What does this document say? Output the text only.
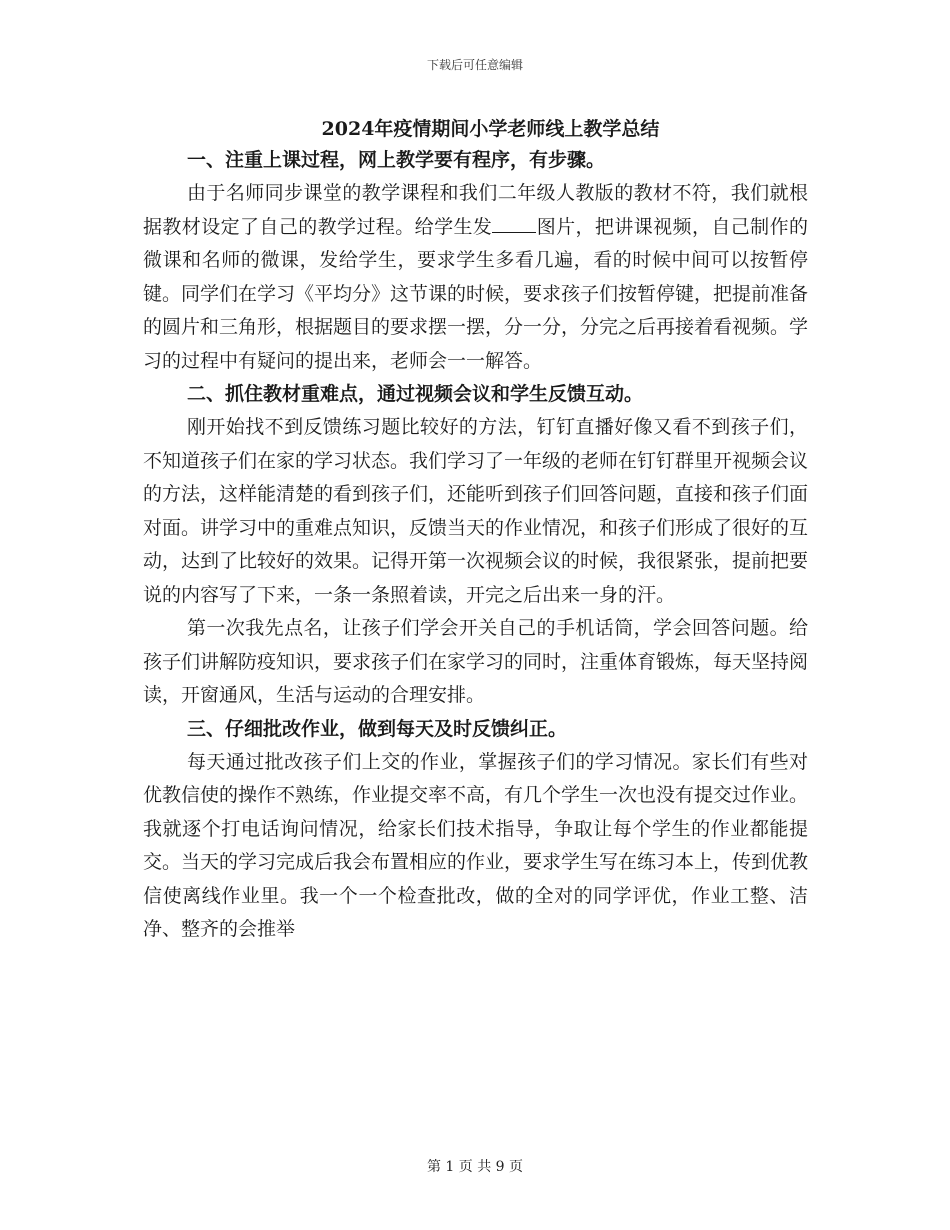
下载后可任意编辑
2024年疫情期间小学老师线上教学总结
一、注重上课过程，网上教学要有程序，有步骤。

由于名师同步课堂的教学课程和我们二年级人教版的教材不符，我们就根据教材设定了自己的教学过程。给学生发 图片，把讲课视频，自己制作的微课和名师的微课，发给学生，要求学生多看几遍，看的时候中间可以按暂停键。同学们在学习《平均分》这节课的时候，要求孩子们按暂停键，把提前准备的圆片和三角形，根据题目的要求摆一摆，分一分，分完之后再接着看视频。学习的过程中有疑问的提出来，老师会一一解答。

二、抓住教材重难点，通过视频会议和学生反馈互动。

刚开始找不到反馈练习题比较好的方法，钉钉直播好像又看不到孩子们，不知道孩子们在家的学习状态。我们学习了一年级的老师在钉钉群里开视频会议的方法，这样能清楚的看到孩子们，还能听到孩子们回答问题，直接和孩子们面对面。讲学习中的重难点知识，反馈当天的作业情况，和孩子们形成了很好的互动，达到了比较好的效果。记得开第一次视频会议的时候，我很紧张，提前把要说的内容写了下来，一条一条照着读，开完之后出来一身的汗。

第一次我先点名，让孩子们学会开关自己的手机话筒，学会回答问题。给孩子们讲解防疫知识，要求孩子们在家学习的同时，注重体育锻炼，每天坚持阅读，开窗通风，生活与运动的合理安排。

三、仔细批改作业，做到每天及时反馈纠正。

每天通过批改孩子们上交的作业，掌握孩子们的学习情况。家长们有些对优教信使的操作不熟练，作业提交率不高，有几个学生一次也没有提交过作业。我就逐个打电话询问情况，给家长们技术指导，争取让每个学生的作业都能提交。当天的学习完成后我会布置相应的作业，要求学生写在练习本上，传到优教信使离线作业里。我一个一个检查批改，做的全对的同学评优，作业工整、洁净、整齐的会推举

第 1 页 共 9 页
